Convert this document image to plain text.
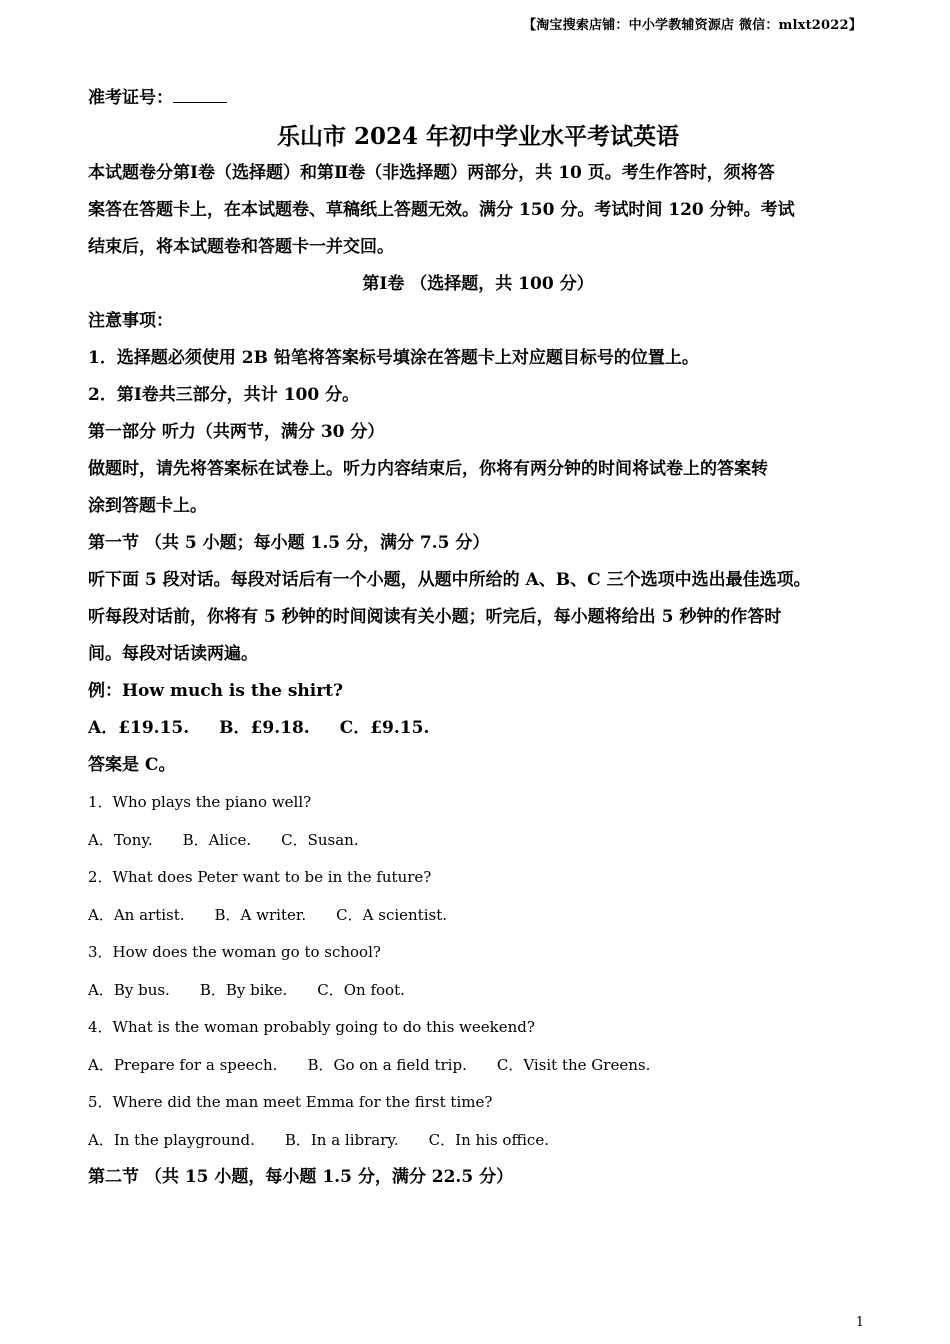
【淘宝搜索店铺：中小学教辅资源店 微信：mlxt2022】
准考证号：
乐山市 2024 年初中学业水平考试英语
本试题卷分第Ⅰ卷（选择题）和第Ⅱ卷（非选择题）两部分，共 10 页。考生作答时，须将答
案答在答题卡上，在本试题卷、草稿纸上答题无效。满分 150 分。考试时间 120 分钟。考试
结束后，将本试题卷和答题卡一并交回。
第Ⅰ卷 （选择题，共 100 分）
注意事项：
1．选择题必须使用 2B 铅笔将答案标号填涂在答题卡上对应题目标号的位置上。
2．第Ⅰ卷共三部分，共计 100 分。
第一部分 听力（共两节，满分 30 分）
做题时，请先将答案标在试卷上。听力内容结束后，你将有两分钟的时间将试卷上的答案转
涂到答题卡上。
第一节 （共 5 小题；每小题 1.5 分，满分 7.5 分）
听下面 5 段对话。每段对话后有一个小题，从题中所给的 A、B、C 三个选项中选出最佳选项。
听每段对话前，你将有 5 秒钟的时间阅读有关小题；听完后，每小题将给出 5 秒钟的作答时
间。每段对话读两遍。
例：How much is the shirt?
A．£19.15. B．£9.18. C．£9.15.
答案是 C。
1．Who plays the piano well?
A．Tony. B．Alice. C．Susan.
2．What does Peter want to be in the future?
A．An artist. B．A writer. C．A scientist.
3．How does the woman go to school?
A．By bus. B．By bike. C．On foot.
4．What is the woman probably going to do this weekend?
A．Prepare for a speech. B．Go on a field trip. C．Visit the Greens.
5．Where did the man meet Emma for the first time?
A．In the playground. B．In a library. C．In his office.
第二节 （共 15 小题，每小题 1.5 分，满分 22.5 分）
1
